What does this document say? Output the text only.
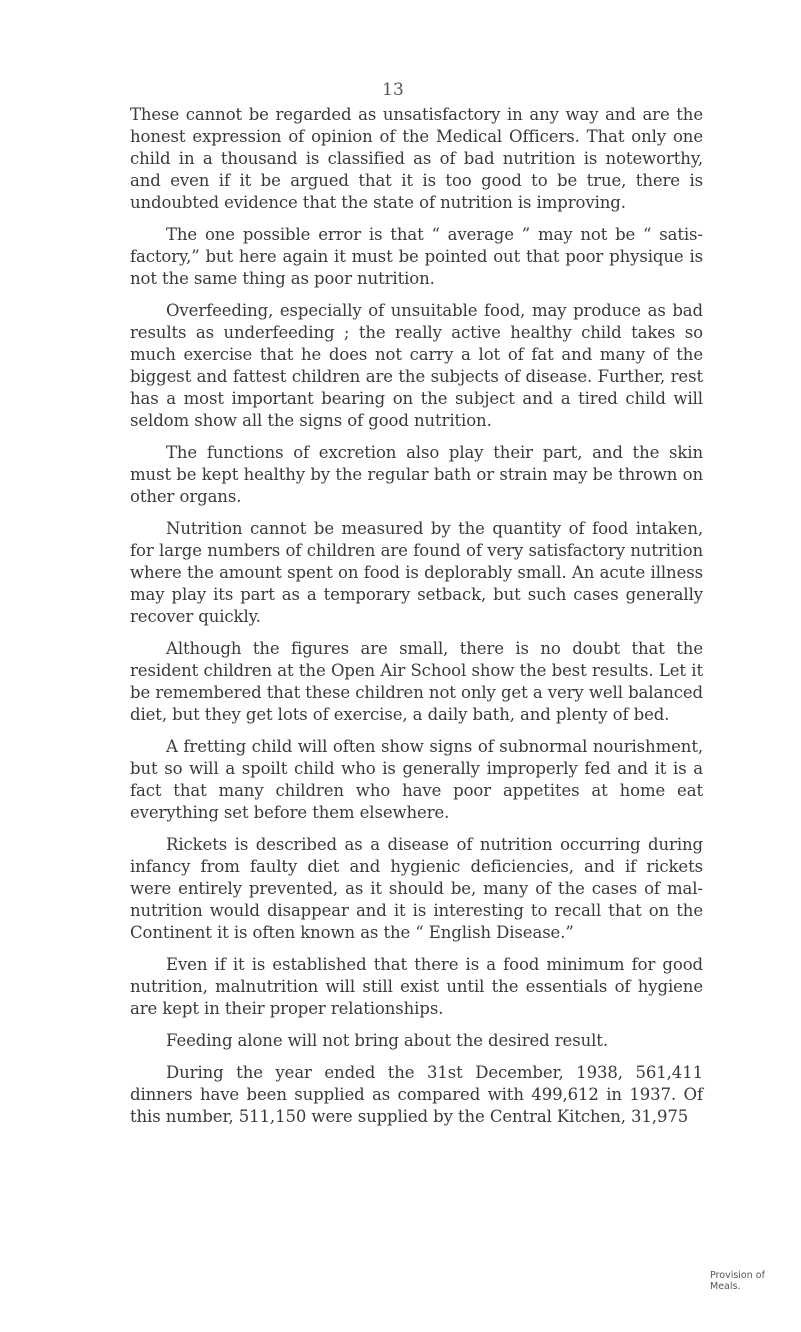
13

These cannot be regarded as unsatisfactory in any way and are the honest expression of opinion of the Medical Officers. That only one child in a thousand is classified as of bad nutrition is noteworthy, and even if it be argued that it is too good to be true, there is undoubted evidence that the state of nutrition is improving.

The one possible error is that “ average ” may not be “ satisfactory,” but here again it must be pointed out that poor physique is not the same thing as poor nutrition.

Overfeeding, especially of unsuitable food, may produce as bad results as underfeeding ; the really active healthy child takes so much exercise that he does not carry a lot of fat and many of the biggest and fattest children are the subjects of disease. Further, rest has a most important bearing on the subject and a tired child will seldom show all the signs of good nutrition.

The functions of excretion also play their part, and the skin must be kept healthy by the regular bath or strain may be thrown on other organs.

Nutrition cannot be measured by the quantity of food intaken, for large numbers of children are found of very satisfactory nutrition where the amount spent on food is deplorably small. An acute illness may play its part as a temporary setback, but such cases generally recover quickly.

Although the figures are small, there is no doubt that the resident children at the Open Air School show the best results. Let it be remembered that these children not only get a very well balanced diet, but they get lots of exercise, a daily bath, and plenty of bed.

A fretting child will often show signs of subnormal nourishment, but so will a spoilt child who is generally improperly fed and it is a fact that many children who have poor appetites at home eat everything set before them elsewhere.

Rickets is described as a disease of nutrition occurring during infancy from faulty diet and hygienic deficiencies, and if rickets were entirely prevented, as it should be, many of the cases of malnutrition would disappear and it is interesting to recall that on the Continent it is often known as the “ English Disease.”

Even if it is established that there is a food minimum for good nutrition, malnutrition will still exist until the essentials of hygiene are kept in their proper relationships.

Feeding alone will not bring about the desired result.

During the year ended the 31st December, 1938, 561,411 dinners have been supplied as compared with 499,612 in 1937. Of this number, 511,150 were supplied by the Central Kitchen, 31,975

Provision of Meals.
